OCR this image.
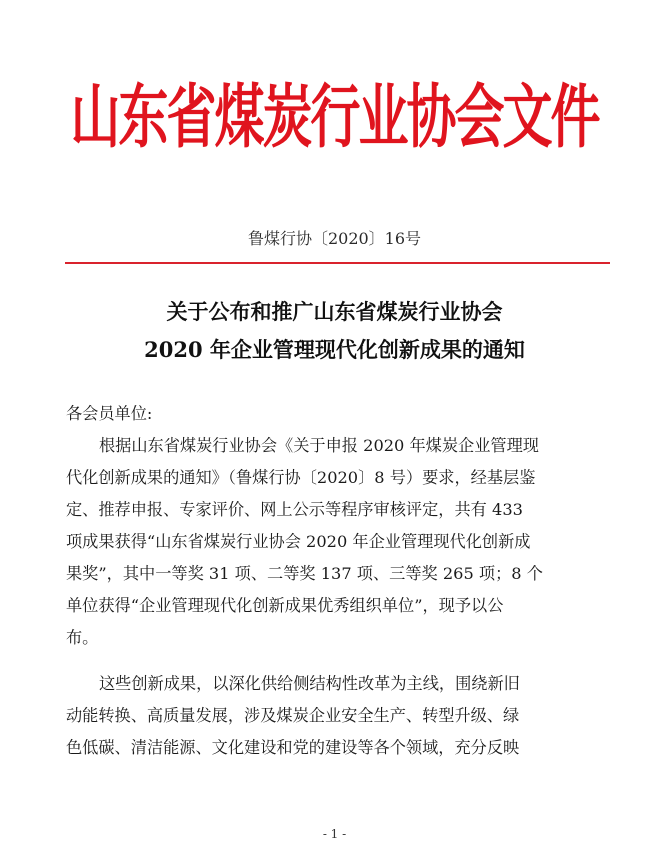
山东省煤炭行业协会文件
鲁煤行协〔2020〕16号
关于公布和推广山东省煤炭行业协会
2020 年企业管理现代化创新成果的通知
各会员单位:
根据山东省煤炭行业协会《关于申报 2020 年煤炭企业管理现
代化创新成果的通知》（鲁煤行协〔2020〕8 号）要求，经基层鉴
定、推荐申报、专家评价、网上公示等程序审核评定，共有 433
项成果获得“山东省煤炭行业协会 2020 年企业管理现代化创新成
果奖”，其中一等奖 31 项、二等奖 137 项、三等奖 265 项；8 个
单位获得“企业管理现代化创新成果优秀组织单位”，现予以公
布。
这些创新成果，以深化供给侧结构性改革为主线，围绕新旧
动能转换、高质量发展，涉及煤炭企业安全生产、转型升级、绿
色低碳、清洁能源、文化建设和党的建设等各个领域，充分反映
- 1 -
